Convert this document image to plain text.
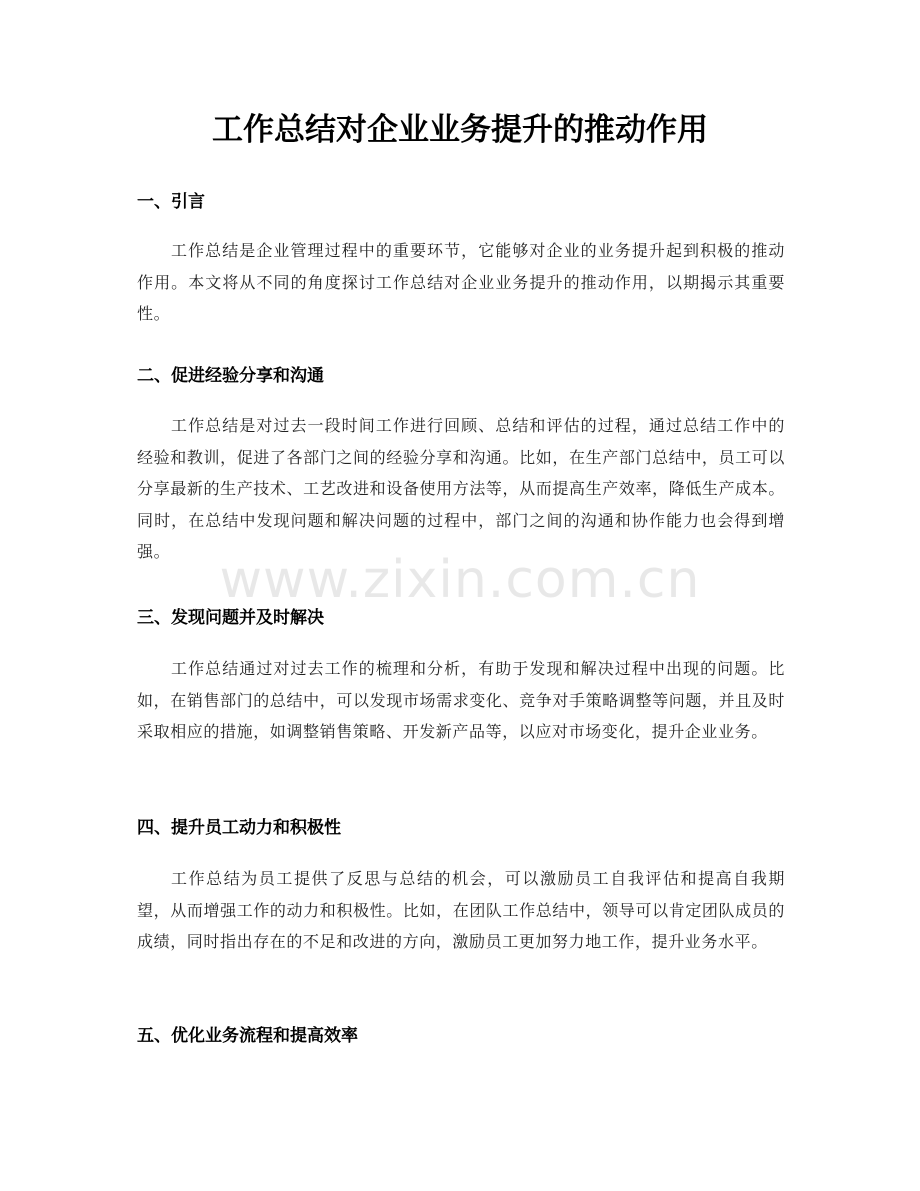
工作总结对企业业务提升的推动作用
一、引言
工作总结是企业管理过程中的重要环节，它能够对企业的业务提升起到积极的推动作用。本文将从不同的角度探讨工作总结对企业业务提升的推动作用，以期揭示其重要性。
二、促进经验分享和沟通
工作总结是对过去一段时间工作进行回顾、总结和评估的过程，通过总结工作中的经验和教训，促进了各部门之间的经验分享和沟通。比如，在生产部门总结中，员工可以分享最新的生产技术、工艺改进和设备使用方法等，从而提高生产效率，降低生产成本。同时，在总结中发现问题和解决问题的过程中，部门之间的沟通和协作能力也会得到增强。
三、发现问题并及时解决
工作总结通过对过去工作的梳理和分析，有助于发现和解决过程中出现的问题。比如，在销售部门的总结中，可以发现市场需求变化、竞争对手策略调整等问题，并且及时采取相应的措施，如调整销售策略、开发新产品等，以应对市场变化，提升企业业务。
四、提升员工动力和积极性
工作总结为员工提供了反思与总结的机会，可以激励员工自我评估和提高自我期望，从而增强工作的动力和积极性。比如，在团队工作总结中，领导可以肯定团队成员的成绩，同时指出存在的不足和改进的方向，激励员工更加努力地工作，提升业务水平。
五、优化业务流程和提高效率
www.zixin.com.cn
